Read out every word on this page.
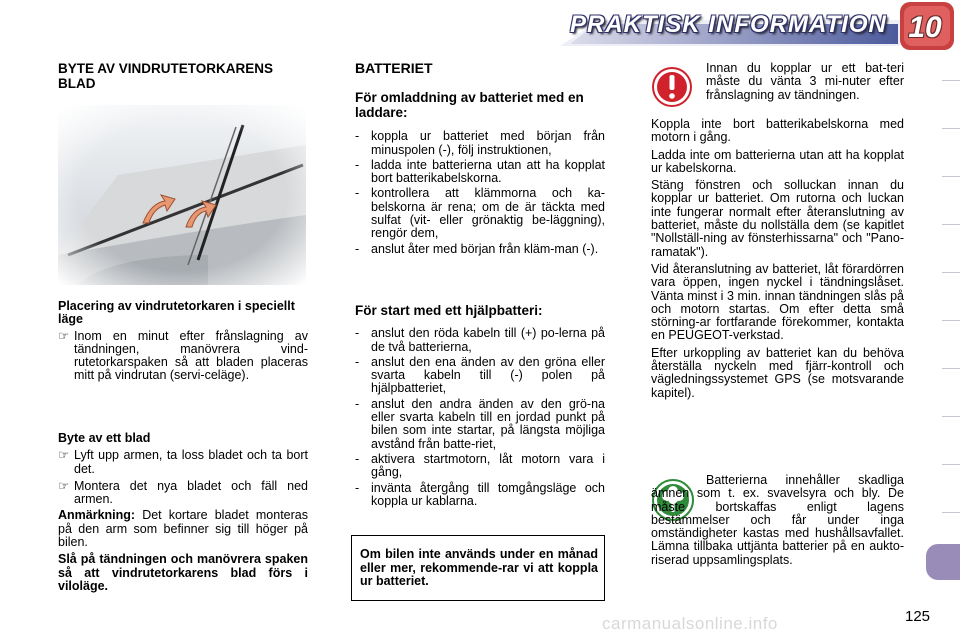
PRAKTISK INFORMATION 10
BYTE AV VINDRUTETORKARENS BLAD
Placering av vindrutetorkaren i speciellt läge
☞ Inom en minut efter frånslagning av tändningen, manövrera vind-rutetorkarspaken så att bladen placeras mitt på vindrutan (servi-celäge).
Byte av ett blad
☞ Lyft upp armen, ta loss bladet och ta bort det.
☞ Montera det nya bladet och fäll ned armen.

Anmärkning: Det kortare bladet monteras på den arm som befinner sig till höger på bilen.

Slå på tändningen och manövrera spaken så att vindrutetorkarens blad förs i viloläge.

BATTERIET
För omladdning av batteriet med en laddare:
- koppla ur batteriet med början från minuspolen (-), följ instruktionen,
- ladda inte batterierna utan att ha kopplat bort batterikabelskorna.
- kontrollera att klämmorna och ka-belskorna är rena; om de är täckta med sulfat (vit- eller grönaktig be-läggning), rengör dem,
- anslut åter med början från kläm-man (-).
För start med ett hjälpbatteri:
- anslut den röda kabeln till (+) po-lerna på de två batterierna,
- anslut den ena änden av den gröna eller svarta kabeln till (-) polen på hjälpbatteriet,
- anslut den andra änden av den grö-na eller svarta kabeln till en jordad punkt på bilen som inte startar, på längsta möjliga avstånd från batte-riet,
- aktivera startmotorn, låt motorn vara i gång,
- invänta återgång till tomgångsläge och koppla ur kablarna.
Om bilen inte används under en månad eller mer, rekommende-rar vi att koppla ur batteriet.

Innan du kopplar ur ett bat-teri måste du vänta 3 mi-nuter efter frånslagning av tändningen.

Koppla inte bort batterikabelskorna med motorn i gång.

Ladda inte om batterierna utan att ha kopplat ur kabelskorna.

Stäng fönstren och solluckan innan du kopplar ur batteriet. Om rutorna och luckan inte fungerar normalt efter återanslutning av batteriet, måste du nollställa dem (se kapitlet "Nollställ-ning av fönsterhissarna" och "Pano-ramatak").

Vid återanslutning av batteriet, låt förardörren vara öppen, ingen nyckel i tändningslåset. Vänta minst i 3 min. innan tändningen slås på och motorn startas. Om efter detta små störning-ar fortfarande förekommer, kontakta en PEUGEOT-verkstad.

Efter urkoppling av batteriet kan du behöva återställa nyckeln med fjärr-kontroll och vägledningssystemet GPS (se motsvarande kapitel).

Batterierna innehåller skadliga ämnen som t. ex. svavelsyra och bly. De måste bortskaffas enligt lagens bestämmelser och får under inga omständigheter kastas med hushållsavfallet. Lämna tillbaka uttjänta batterier på en aukto-riserad uppsamlingsplats.

carmanualsonline.info	125
